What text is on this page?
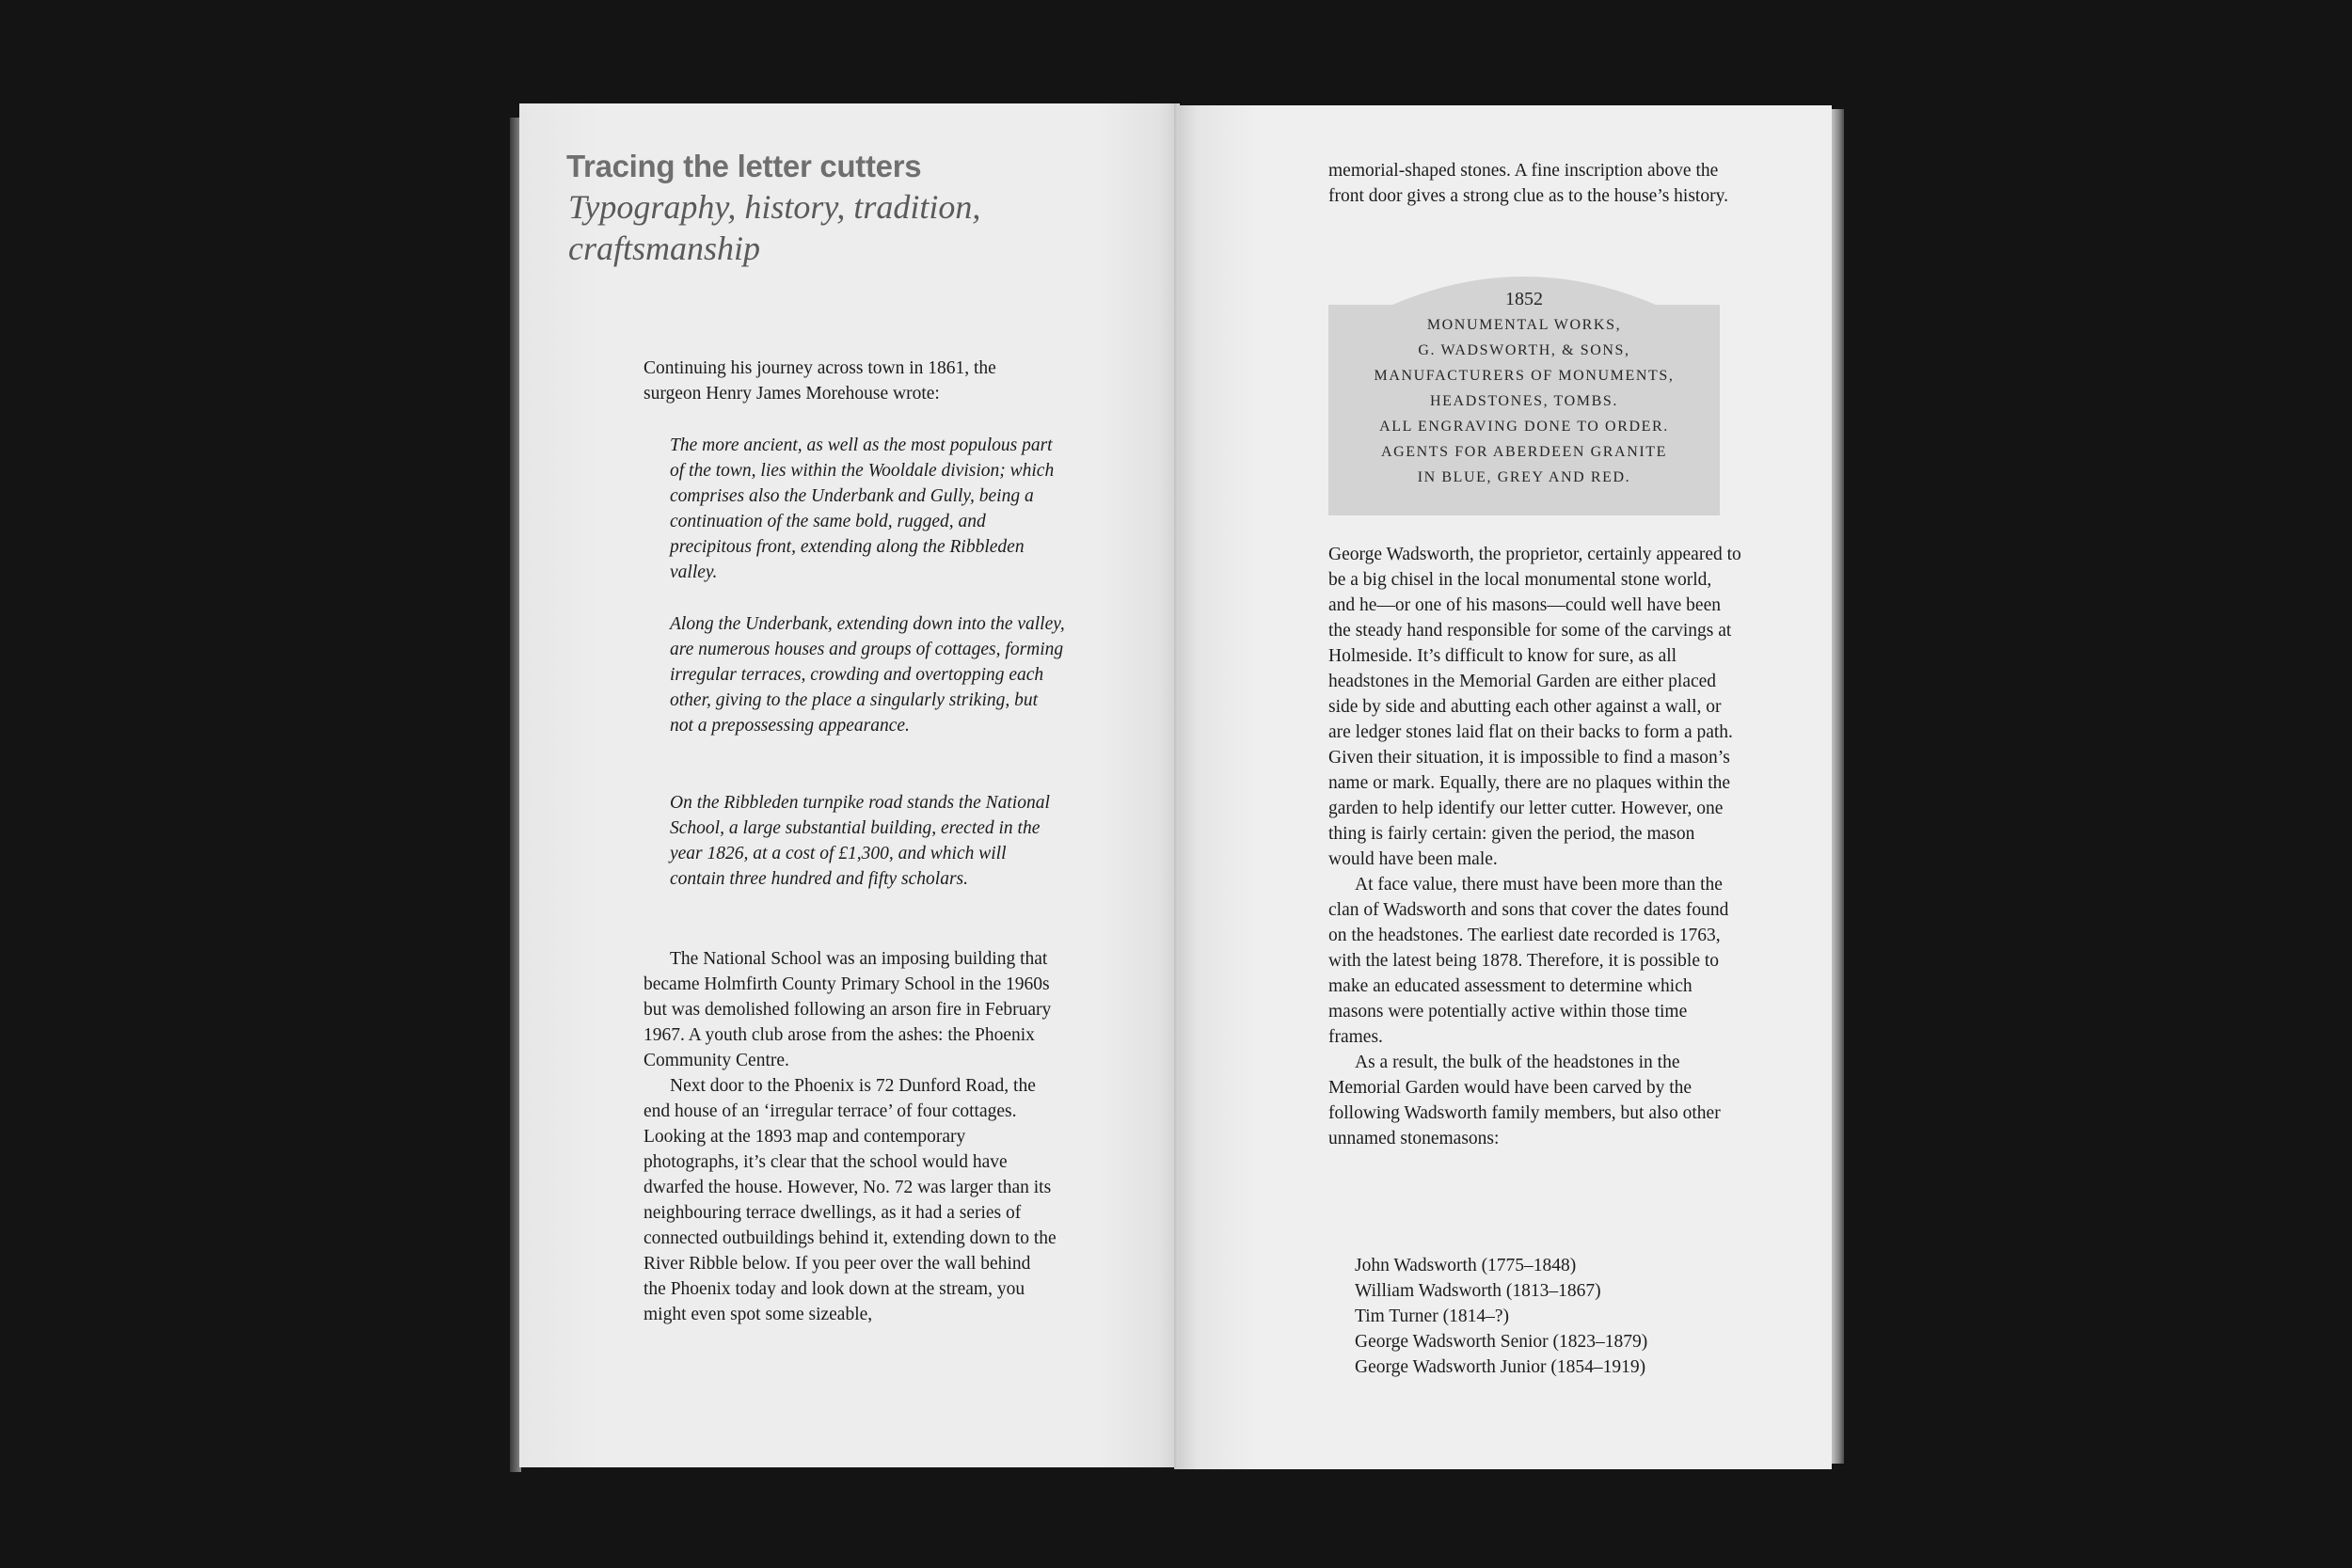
Tracing the letter cutters
Typography, history, tradition, craftsmanship

Continuing his journey across town in 1861, the surgeon Henry James Morehouse wrote:

The more ancient, as well as the most populous part of the town, lies within the Wooldale division; which comprises also the Underbank and Gully, being a continuation of the same bold, rugged, and precipitous front, extending along the Ribbleden valley.

Along the Underbank, extending down into the valley, are numerous houses and groups of cottages, forming irregular terraces, crowding and overtopping each other, giving to the place a singularly striking, but not a prepossessing appearance.

On the Ribbleden turnpike road stands the National School, a large substantial building, erected in the year 1826, at a cost of £1,300, and which will contain three hundred and fifty scholars.

The National School was an imposing building that became Holmfirth County Primary School in the 1960s but was demolished following an arson fire in February 1967. A youth club arose from the ashes: the Phoenix Community Centre.

Next door to the Phoenix is 72 Dunford Road, the end house of an ‘irregular terrace’ of four cottages. Looking at the 1893 map and contemporary photographs, it’s clear that the school would have dwarfed the house. However, No. 72 was larger than its neighbouring terrace dwellings, as it had a series of connected outbuildings behind it, extending down to the River Ribble below. If you peer over the wall behind the Phoenix today and look down at the stream, you might even spot some sizeable,

memorial-shaped stones. A fine inscription above the front door gives a strong clue as to the house’s history.

1852
MONUMENTAL WORKS,
G. WADSWORTH, & SONS,
MANUFACTURERS OF MONUMENTS,
HEADSTONES, TOMBS.
ALL ENGRAVING DONE TO ORDER.
AGENTS FOR ABERDEEN GRANITE
IN BLUE, GREY AND RED.

George Wadsworth, the proprietor, certainly appeared to be a big chisel in the local monumental stone world, and he—or one of his masons—could well have been the steady hand responsible for some of the carvings at Holmeside. It’s difficult to know for sure, as all headstones in the Memorial Garden are either placed side by side and abutting each other against a wall, or are ledger stones laid flat on their backs to form a path. Given their situation, it is impossible to find a mason’s name or mark. Equally, there are no plaques within the garden to help identify our letter cutter. However, one thing is fairly certain: given the period, the mason would have been male.

At face value, there must have been more than the clan of Wadsworth and sons that cover the dates found on the headstones. The earliest date recorded is 1763, with the latest being 1878. Therefore, it is possible to make an educated assessment to determine which masons were potentially active within those time frames.

As a result, the bulk of the headstones in the Memorial Garden would have been carved by the following Wadsworth family members, but also other unnamed stonemasons:

John Wadsworth (1775–1848)

William Wadsworth (1813–1867)

Tim Turner (1814–?)

George Wadsworth Senior (1823–1879)

George Wadsworth Junior (1854–1919)
